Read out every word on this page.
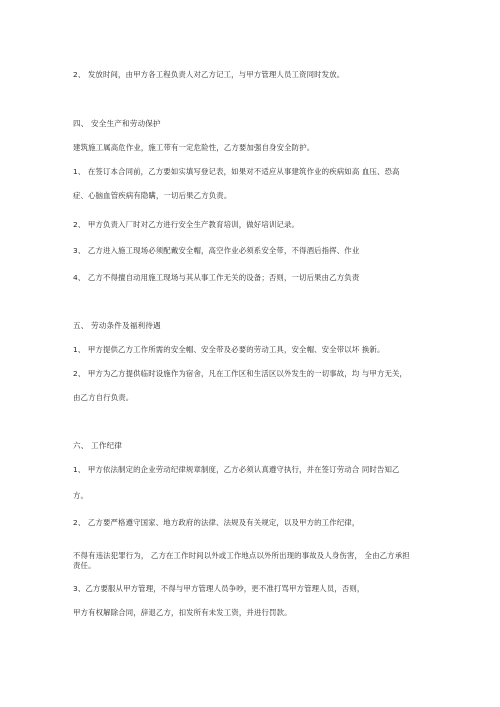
2、 发放时间，由甲方各工程负责人对乙方记工，与甲方管理人员工资同时发放。
四、 安全生产和劳动保护
建筑施工属高危作业，施工带有一定危险性，乙方要加强自身安全防护。
1、 在签订本合同前，乙方要如实填写登记表，如果对不适应从事建筑作业的疾病如高 血压、恐高
症、心脑血管疾病有隐瞒，一切后果乙方负责。
2、 甲方负责入厂时对乙方进行安全生产教育培训，做好培训记录。
3、 乙方进入施工现场必须配戴安全帽，高空作业必须系安全带，不得酒后指挥、作业
4、 乙方不得擅自动用施工现场与其从事工作无关的设备；否则，一切后果由乙方负责
五、 劳动条件及福利待遇
1、 甲方提供乙方工作所需的安全帽、安全带及必要的劳动工具，安全帽、安全带以坏 换新。
2、 甲方为乙方提供临时设施作为宿舍，凡在工作区和生活区以外发生的一切事故，均 与甲方无关，
由乙方自行负责。
六、 工作纪律
1、 甲方依法制定的企业劳动纪律规章制度，乙方必须认真遵守执行，并在签订劳动合 同时告知乙
方。
2、 乙方要严格遵守国家、地方政府的法律、法规及有关规定，以及甲方的工作纪律，
不得有违法犯罪行为， 乙方在工作时间以外或工作地点以外所出现的事故及人身伤害， 全由乙方承担
责任。
3、乙方要服从甲方管理，不得与甲方管理人员争吵，更不准打骂甲方管理人员，否则，
甲方有权解除合同，辞退乙方，扣发所有未发工资，并进行罚款。
